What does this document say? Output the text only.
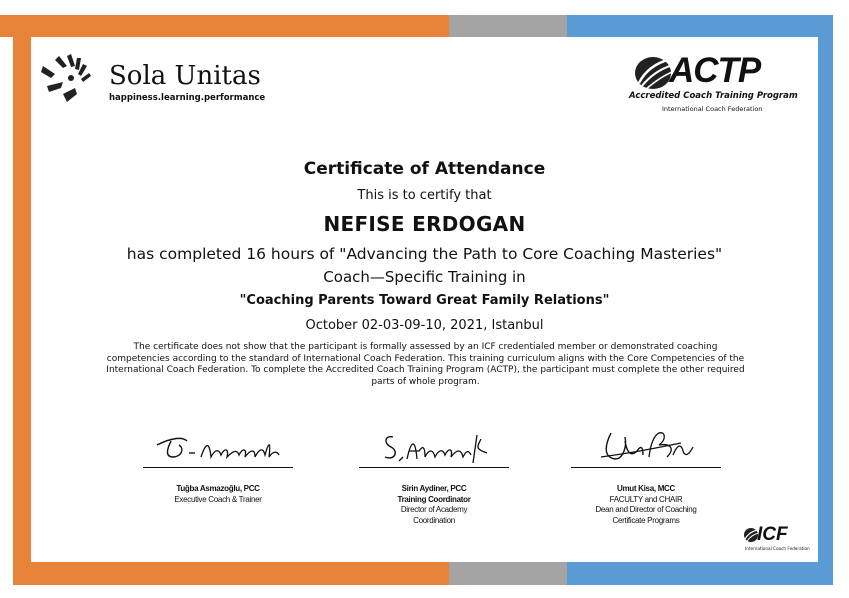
Sola Unitas
happiness.learning.performance
ACTP
Accredited Coach Training Program
International Coach Federation
Certificate of Attendance
This is to certify that
NEFISE ERDOGAN
has completed 16 hours of "Advancing the Path to Core Coaching Masteries"
Coach—Specific Training in
"Coaching Parents Toward Great Family Relations"
October 02-03-09-10, 2021, Istanbul
The certificate does not show that the participant is formally assessed by an ICF credentialed member or demonstrated coaching competencies according to the standard of International Coach Federation. This training curriculum aligns with the Core Competencies of the International Coach Federation. To complete the Accredited Coach Training Program (ACTP), the participant must complete the other required parts of whole program.
Tuğba Asmazoğlu, PCC
Executive Coach & Trainer
Sirin Aydiner, PCC
Training Coordinator
Director of Academy
Coordination
Umut Kisa, MCC
FACULTY and CHAIR
Dean and Director of Coaching
Certificate Programs
ICF
International Coach Federation
